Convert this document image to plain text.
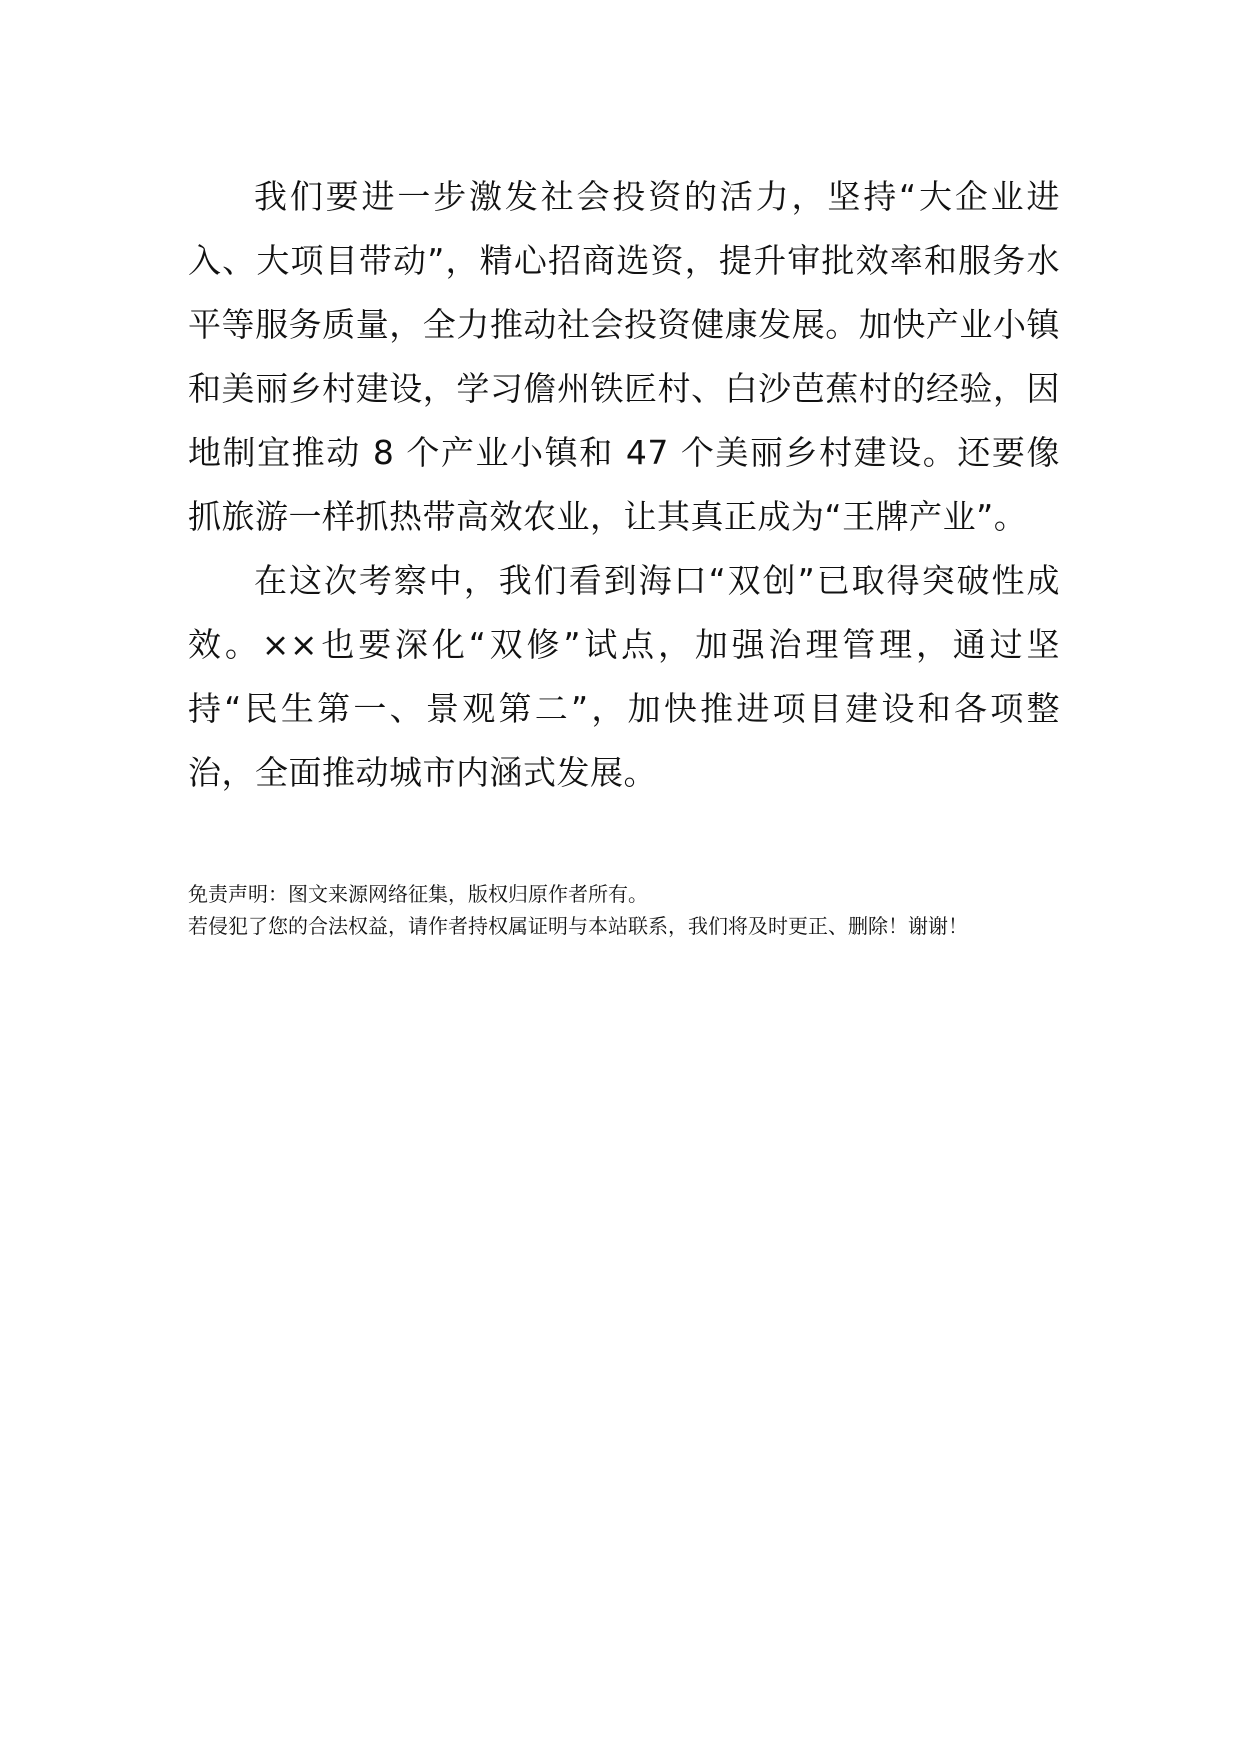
我们要进一步激发社会投资的活力，坚持“大企业进入、大项目带动”，精心招商选资，提升审批效率和服务水平等服务质量，全力推动社会投资健康发展。加快产业小镇和美丽乡村建设，学习儋州铁匠村、白沙芭蕉村的经验，因地制宜推动 8 个产业小镇和 47 个美丽乡村建设。还要像抓旅游一样抓热带高效农业，让其真正成为“王牌产业”。

在这次考察中，我们看到海口“双创”已取得突破性成效。××也要深化“双修”试点，加强治理管理，通过坚持“民生第一、景观第二”，加快推进项目建设和各项整治，全面推动城市内涵式发展。

免责声明：图文来源网络征集，版权归原作者所有。

若侵犯了您的合法权益，请作者持权属证明与本站联系，我们将及时更正、删除！谢谢！
